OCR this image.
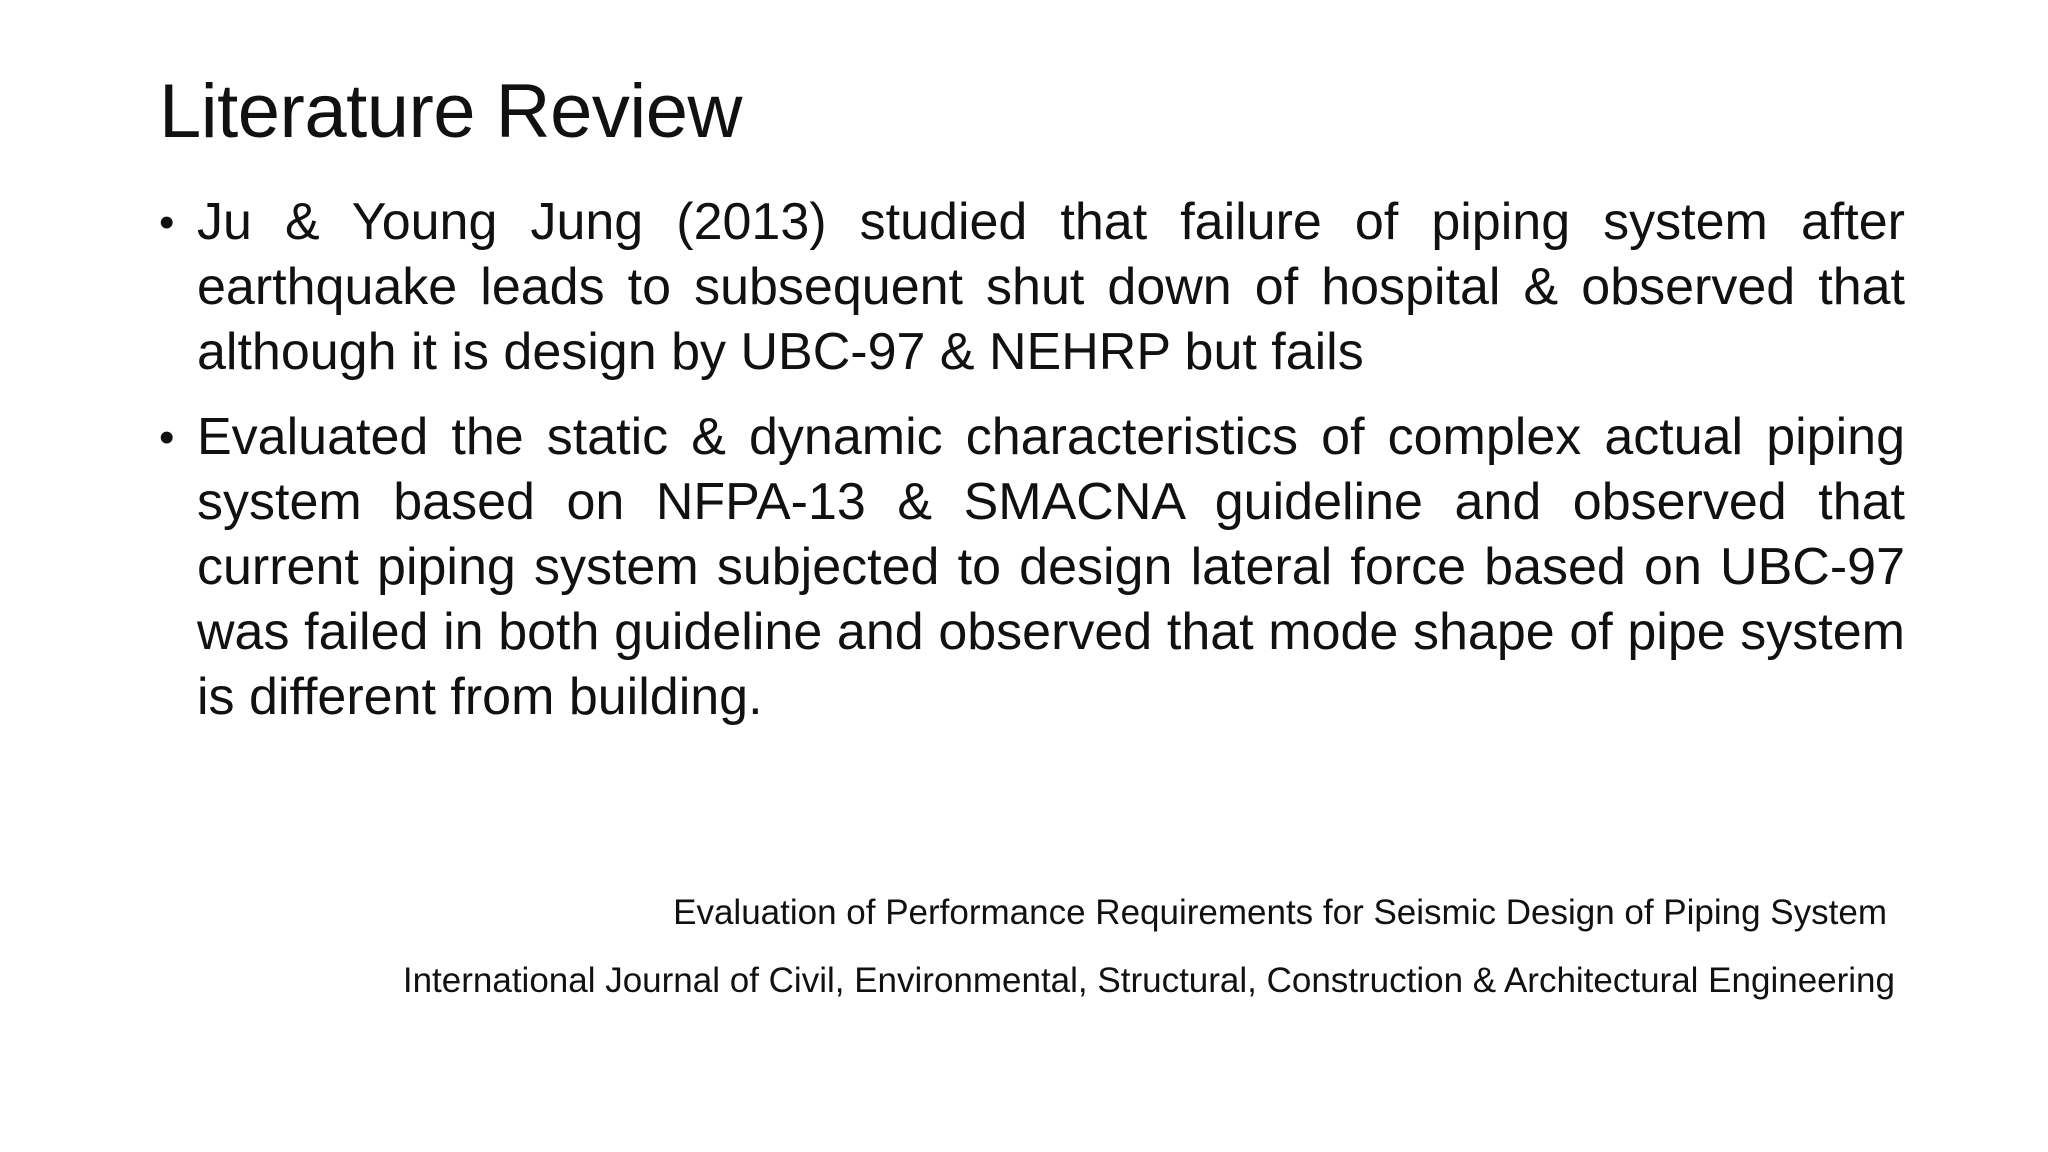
Literature Review
• Ju & Young Jung (2013) studied that failure of piping system after earthquake leads to subsequent shut down of hospital & observed that although it is design by UBC-97 & NEHRP but fails
• Evaluated the static & dynamic characteristics of complex actual piping system based on NFPA-13 & SMACNA guideline and observed that current piping system subjected to design lateral force based on UBC-97 was failed in both guideline and observed that mode shape of pipe system is different from building.
Evaluation of Performance Requirements for Seismic Design of Piping System
International Journal of Civil, Environmental, Structural, Construction & Architectural Engineering
